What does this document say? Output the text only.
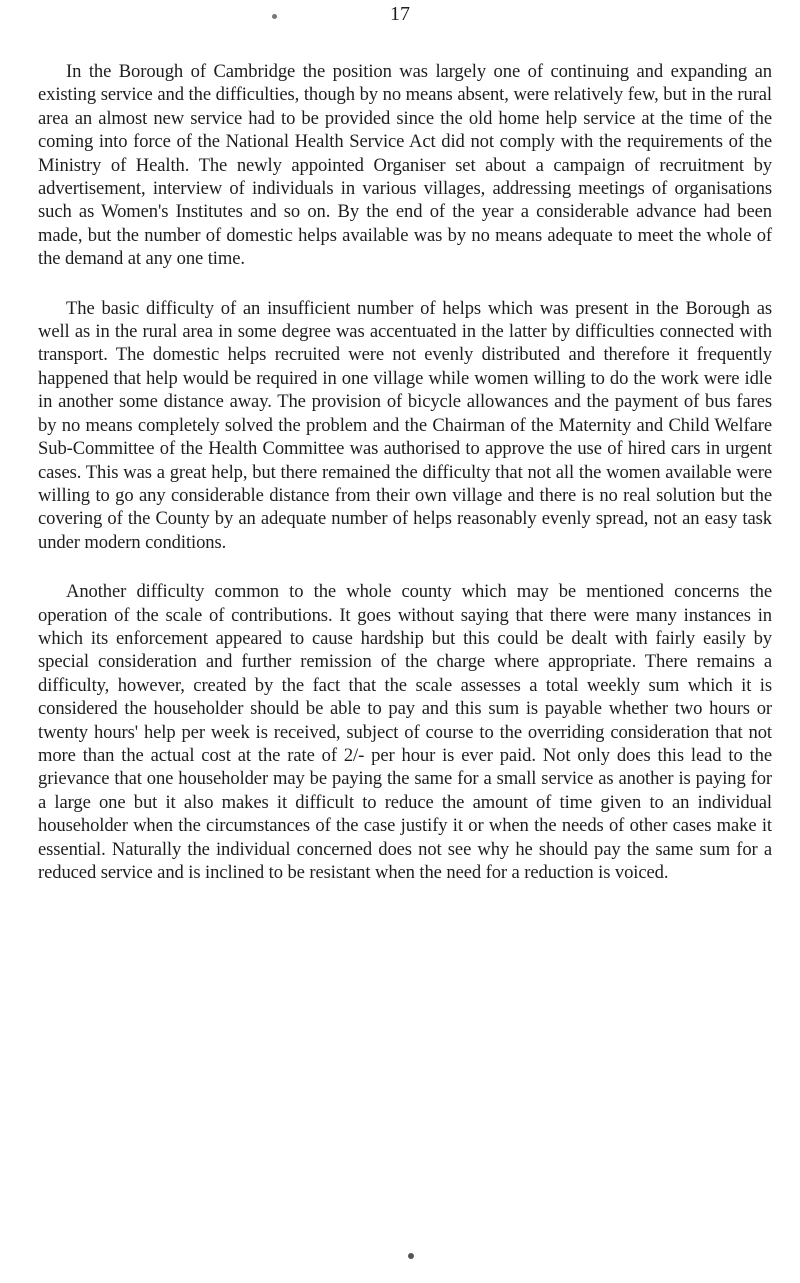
17

In the Borough of Cambridge the position was largely one of continuing and expanding an existing service and the difficulties, though by no means absent, were relatively few, but in the rural area an almost new service had to be provided since the old home help service at the time of the coming into force of the National Health Service Act did not comply with the requirements of the Ministry of Health. The newly appointed Organiser set about a campaign of recruitment by advertisement, interview of individuals in various villages, addressing meetings of organisations such as Women's Institutes and so on. By the end of the year a considerable advance had been made, but the number of domestic helps available was by no means adequate to meet the whole of the demand at any one time.

The basic difficulty of an insufficient number of helps which was present in the Borough as well as in the rural area in some degree was accentuated in the latter by difficulties connected with transport. The domestic helps recruited were not evenly distributed and therefore it frequently happened that help would be required in one village while women willing to do the work were idle in another some distance away. The provision of bicycle allowances and the payment of bus fares by no means completely solved the problem and the Chairman of the Maternity and Child Welfare Sub-Committee of the Health Committee was authorised to approve the use of hired cars in urgent cases. This was a great help, but there remained the difficulty that not all the women available were willing to go any considerable distance from their own village and there is no real solution but the covering of the County by an adequate number of helps reasonably evenly spread, not an easy task under modern conditions.

Another difficulty common to the whole county which may be mentioned concerns the operation of the scale of contributions. It goes without saying that there were many instances in which its enforcement appeared to cause hardship but this could be dealt with fairly easily by special consideration and further remission of the charge where appropriate. There remains a difficulty, however, created by the fact that the scale assesses a total weekly sum which it is considered the householder should be able to pay and this sum is payable whether two hours or twenty hours' help per week is received, subject of course to the overriding consideration that not more than the actual cost at the rate of 2/- per hour is ever paid. Not only does this lead to the grievance that one householder may be paying the same for a small service as another is paying for a large one but it also makes it difficult to reduce the amount of time given to an individual householder when the circumstances of the case justify it or when the needs of other cases make it essential. Naturally the individual concerned does not see why he should pay the same sum for a reduced service and is inclined to be resistant when the need for a reduction is voiced.
